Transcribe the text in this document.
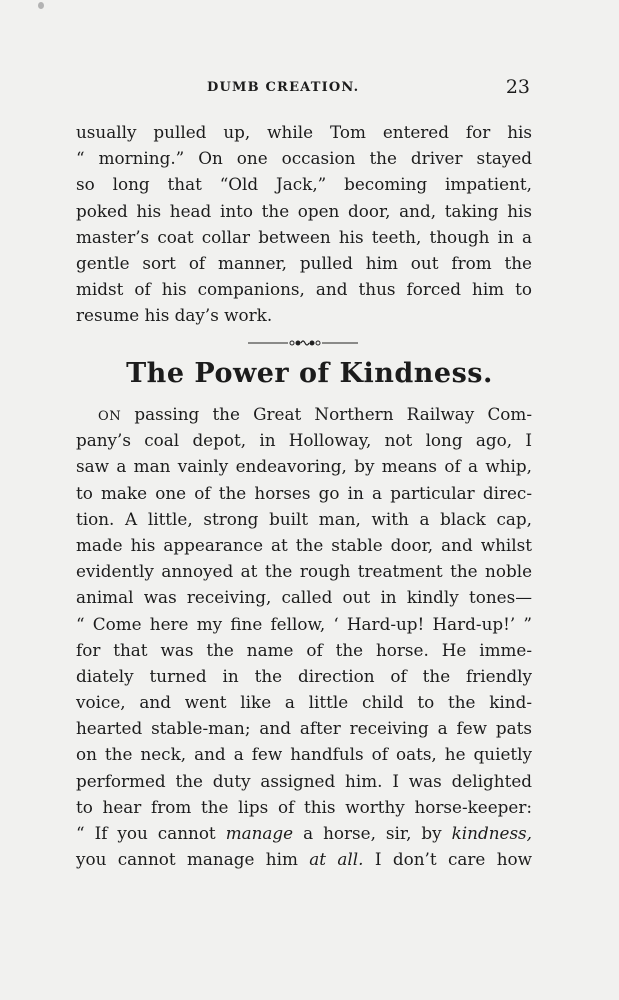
DUMB CREATION.	23
usually pulled up, while Tom entered for his
“ morning.” On one occasion the driver stayed
so long that “Old Jack,” becoming impatient,
poked his head into the open door, and, taking his
master’s coat collar between his teeth, though in a
gentle sort of manner, pulled him out from the
midst of his companions, and thus forced him to
resume his day’s work.
The Power of Kindness.
ON passing the Great Northern Railway Com-
pany’s coal depot, in Holloway, not long ago, I
saw a man vainly endeavoring, by means of a whip,
to make one of the horses go in a particular direc-
tion. A little, strong built man, with a black cap,
made his appearance at the stable door, and whilst
evidently annoyed at the rough treatment the noble
animal was receiving, called out in kindly tones—
“ Come here my fine fellow, ‘ Hard-up! Hard-up!’ ”
for that was the name of the horse. He imme-
diately turned in the direction of the friendly
voice, and went like a little child to the kind-
hearted stable-man; and after receiving a few pats
on the neck, and a few handfuls of oats, he quietly
performed the duty assigned him. I was delighted
to hear from the lips of this worthy horse-keeper:
“ If you cannot manage a horse, sir, by kindness,
you cannot manage him at all. I don’t care how
